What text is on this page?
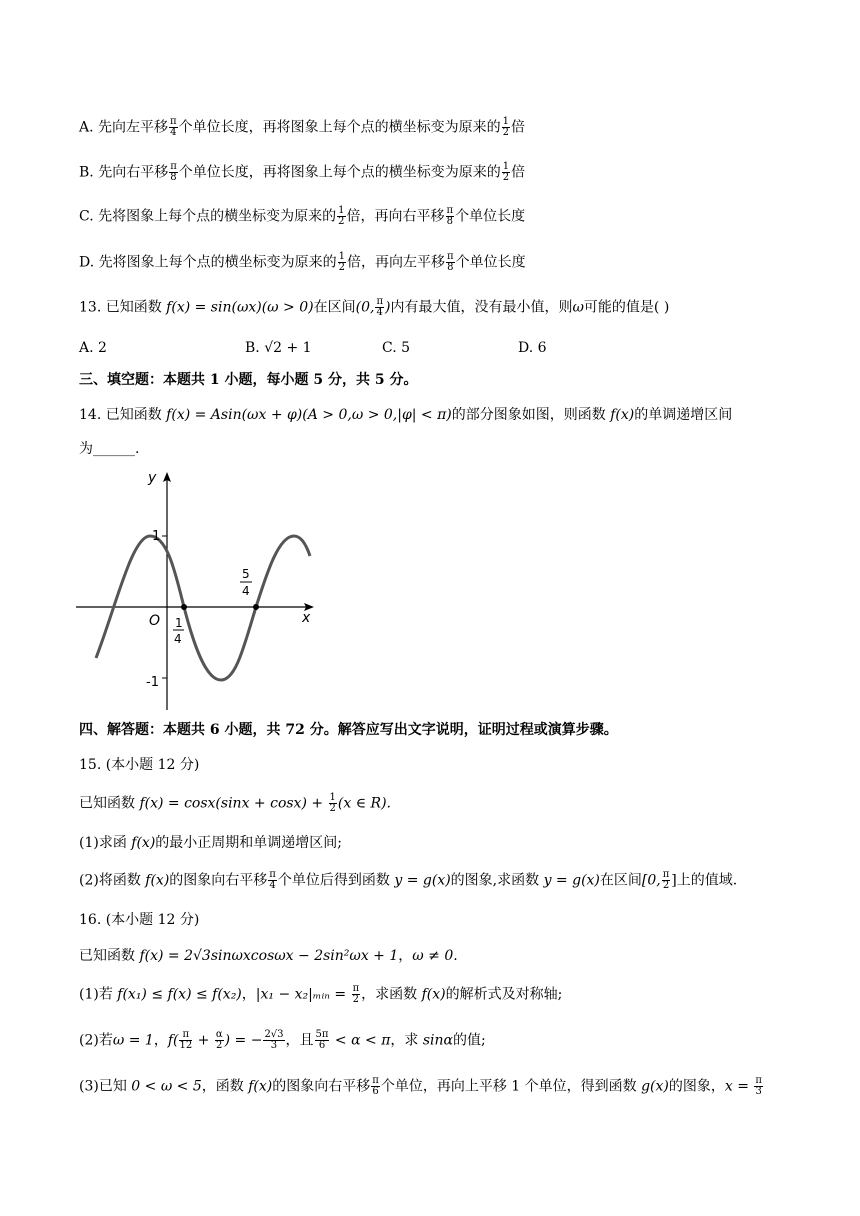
A. 先向左平移 $\frac{\pi}{4}$ 个单位长度，再将图象上每个点的横坐标变为原来的 $\frac{1}{2}$ 倍
B. 先向右平移 $\frac{\pi}{8}$ 个单位长度，再将图象上每个点的横坐标变为原来的 $\frac{1}{2}$ 倍
C. 先将图象上每个点的横坐标变为原来的 $\frac{1}{2}$ 倍，再向右平移 $\frac{\pi}{8}$ 个单位长度
D. 先将图象上每个点的横坐标变为原来的 $\frac{1}{2}$ 倍，再向左平移 $\frac{\pi}{8}$ 个单位长度
13. 已知函数 f(x) = sin(ωx)(ω > 0)在区间(0, $\frac{\pi}{4}$ )内有最大值，没有最小值，则ω可能的值是( )
A. 2	B. √2 + 1	C. 5	D. 6
三、填空题：本题共 1 小题，每小题 5 分，共 5 分。
14. 已知函数 f(x) = Asin(ωx + φ)(A > 0,ω > 0,|φ| < π)的部分图象如图，则函数 f(x)的单调递增区间
为______.
y
x
O
1
-1
1
4
5
4
四、解答题：本题共 6 小题，共 72 分。解答应写出文字说明，证明过程或演算步骤。
15. (本小题 12 分)
已知函数 $f(x) = \cos x(\sin x + \cos x) + \frac{1}{2} (x$ ∈ R).
(1)求函 f(x)的最小正周期和单调递增区间;
(2)将函数 f(x)的图象向右平移 $\frac{\pi}{4}$ 个单位后得到函数 y = g(x)的图象,求函数 y = g(x)在区间[0, $\frac{\pi}{2}$ ]上的值域.
16. (本小题 12 分)
已知函数 f(x) = 2√3sinωxcosωx − 2sin²ωx + 1，ω ≠ 0.
(1)若 f(x₁) ≤ f(x) ≤ f(x₂)，|x₁ − x₂|ₘᵢₙ = $\frac{\pi}{2}$ ，求函数 f(x)的解析式及对称轴;
(2)若ω = 1，$f( \frac{\pi}{12} + \frac{\alpha}{2}$ ) = − $\frac{2√3}{3}$ ，且 $\frac{5\pi}{6} < \alpha < \pi$，求 sinα的值;
(3)已知 0 < ω < 5，函数 f(x)的图象向右平移 $\frac{\pi}{6}$ 个单位，再向上平移 1 个单位，得到函数 g(x)的图象，$x = \frac{\pi}{3}$
